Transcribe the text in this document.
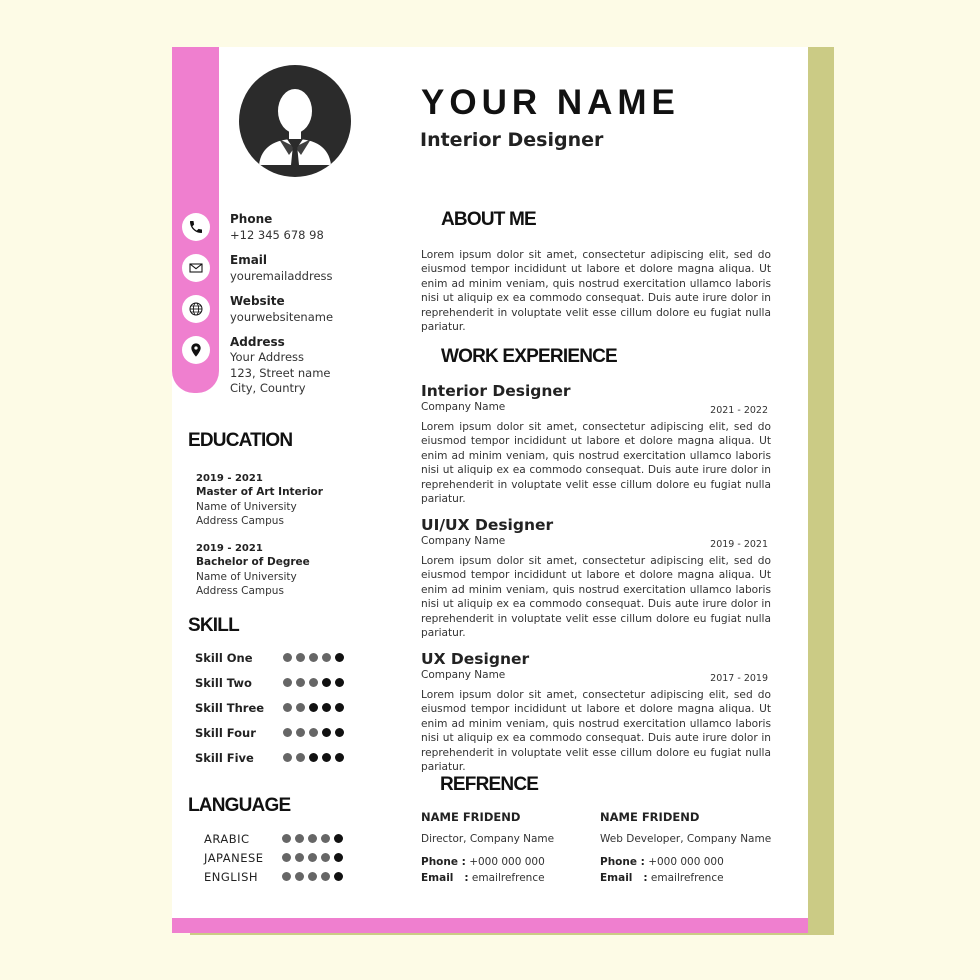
YOUR NAME
Interior Designer
Phone
+12 345 678 98
Email
youremailaddress
Website
yourwebsitename
Address
Your Address
123, Street name
City, Country
EDUCATION
2019 - 2021
Master of Art Interior
Name of University
Address Campus
2019 - 2021
Bachelor of Degree
Name of University
Address Campus
SKILL
Skill One
Skill Two
Skill Three
Skill Four
Skill Five
LANGUAGE
ARABIC
JAPANESE
ENGLISH
ABOUT ME
Lorem ipsum dolor sit amet, consectetur adipiscing elit, sed do eiusmod tempor incididunt ut labore et dolore magna aliqua. Ut enim ad minim veniam, quis nostrud exercitation ullamco laboris nisi ut aliquip ex ea commodo consequat. Duis aute irure dolor in reprehenderit in voluptate velit esse cillum dolore eu fugiat nulla pariatur.
WORK EXPERIENCE
Interior Designer
Company Name	2021 - 2022
Lorem ipsum dolor sit amet, consectetur adipiscing elit, sed do eiusmod tempor incididunt ut labore et dolore magna aliqua. Ut enim ad minim veniam, quis nostrud exercitation ullamco laboris nisi ut aliquip ex ea commodo consequat. Duis aute irure dolor in reprehenderit in voluptate velit esse cillum dolore eu fugiat nulla pariatur.
UI/UX Designer
Company Name	2019 - 2021
Lorem ipsum dolor sit amet, consectetur adipiscing elit, sed do eiusmod tempor incididunt ut labore et dolore magna aliqua. Ut enim ad minim veniam, quis nostrud exercitation ullamco laboris nisi ut aliquip ex ea commodo consequat. Duis aute irure dolor in reprehenderit in voluptate velit esse cillum dolore eu fugiat nulla pariatur.
UX Designer
Company Name	2017 - 2019
Lorem ipsum dolor sit amet, consectetur adipiscing elit, sed do eiusmod tempor incididunt ut labore et dolore magna aliqua. Ut enim ad minim veniam, quis nostrud exercitation ullamco laboris nisi ut aliquip ex ea commodo consequat. Duis aute irure dolor in reprehenderit in voluptate velit esse cillum dolore eu fugiat nulla pariatur.
REFRENCE
NAME FRIDEND
Director, Company Name
Phone : +000 000 000
Email   : emailrefrence
NAME FRIDEND
Web Developer, Company Name
Phone : +000 000 000
Email   : emailrefrence
